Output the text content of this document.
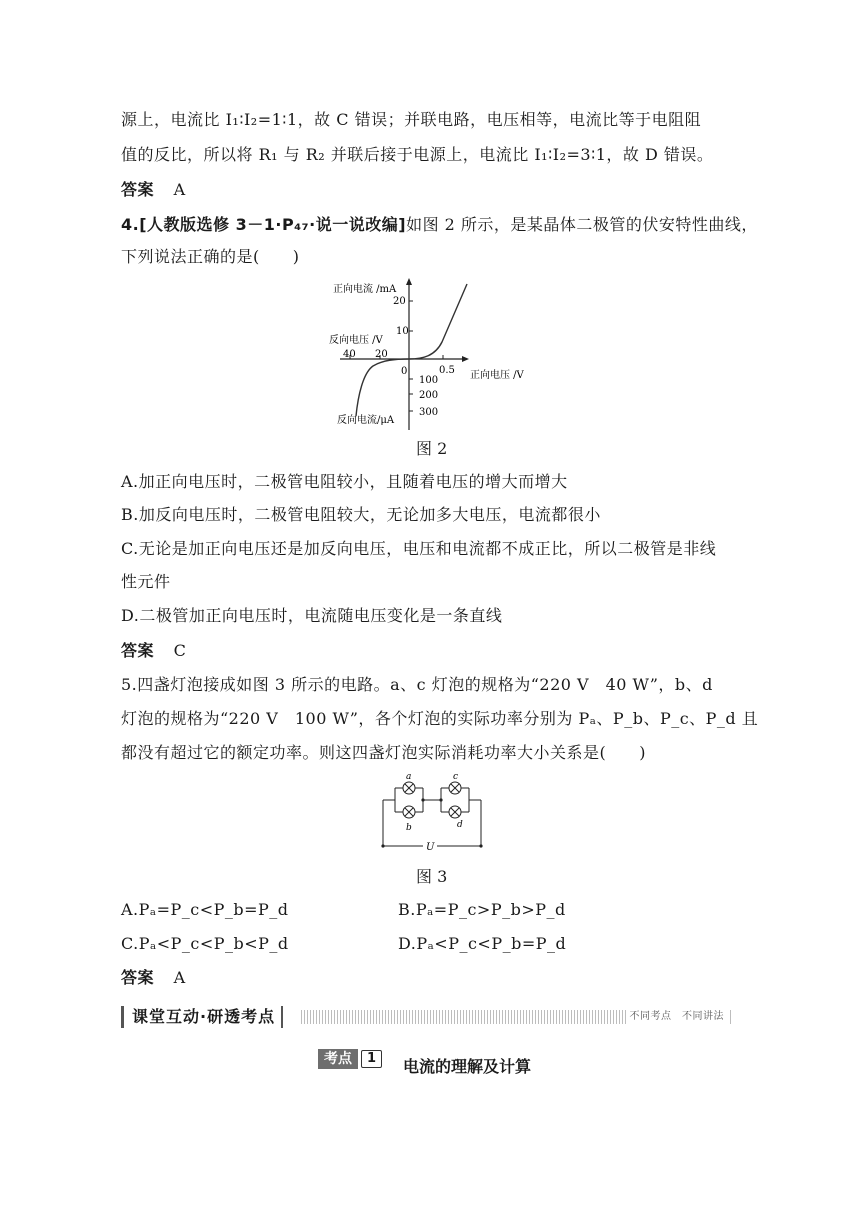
源上，电流比 I₁∶I₂=1∶1，故 C 错误；并联电路，电压相等，电流比等于电阻阻
值的反比，所以将 R₁ 与 R₂ 并联后接于电源上，电流比 I₁∶I₂=3∶1，故 D 错误。
答案 A
4.[人教版选修 3－1·P₄₇·说一说改编]如图 2 所示，是某晶体二极管的伏安特性曲线，
下列说法正确的是(　　)
正向电流 /mA
20
10
反向电压 /V
40 20
0	0.5 正向电压 /V
100
200
300
反向电流/μA
图 2
A.加正向电压时，二极管电阻较小，且随着电压的增大而增大
B.加反向电压时，二极管电阻较大，无论加多大电压，电流都很小
C.无论是加正向电压还是加反向电压，电压和电流都不成正比，所以二极管是非线
性元件
D.二极管加正向电压时，电流随电压变化是一条直线
答案 C
5.四盏灯泡接成如图 3 所示的电路。a、c 灯泡的规格为“220 V　40 W”，b、d
灯泡的规格为“220 V　100 W”，各个灯泡的实际功率分别为 Pₐ、P_b、P_c、P_d 且
都没有超过它的额定功率。则这四盏灯泡实际消耗功率大小关系是(　　)
a
b
c
d
U
图 3
A.Pₐ=P_c<P_b=P_d	B.Pₐ=P_c>P_b>P_d
C.Pₐ<P_c<P_b<P_d	D.Pₐ<P_c<P_b=P_d
答案 A
课堂互动·研透考点	不同考点　不同讲法
考点	1	电流的理解及计算
